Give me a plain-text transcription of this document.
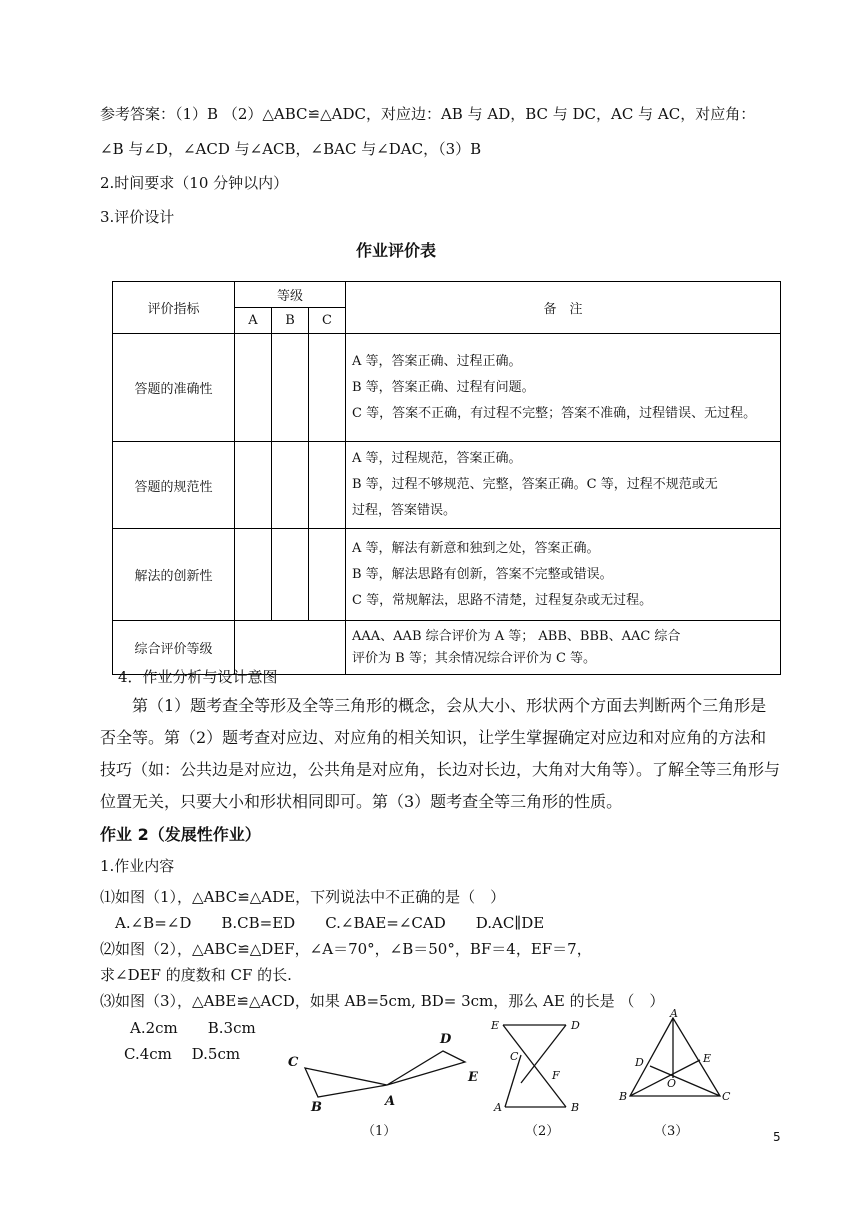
参考答案：（1）B （2）△ABC≌△ADC，对应边：AB 与 AD，BC 与 DC，AC 与 AC，对应角：
∠B 与∠D，∠ACD 与∠ACB，∠BAC 与∠DAC，（3）B
2.时间要求（10 分钟以内）
3.评价设计
作业评价表
评价指标	等级			备　注
	A	B	C	
答题的准确性				A 等，答案正确、过程正确。
B 等，答案正确、过程有问题。
C 等，答案不正确，有过程不完整；答案不准确，过程错误、无过程。

答题的规范性				A 等，过程规范，答案正确。
B 等，过程不够规范、完整，答案正确。C 等，过程不规范或无过程，答案错误。

解法的创新性				A 等，解法有新意和独到之处，答案正确。
B 等，解法思路有创新，答案不完整或错误。
C 等，常规解法，思路不清楚，过程复杂或无过程。

综合评价等级				AAA、AAB 综合评价为 A 等； ABB、BBB、AAC 综合评价为 B 等；其余情况综合评价为 C 等。
4．作业分析与设计意图
第（1）题考查全等形及全等三角形的概念，会从大小、形状两个方面去判断两个三角形是否全等。第（2）题考查对应边、对应角的相关知识，让学生掌握确定对应边和对应角的方法和技巧（如：公共边是对应边，公共角是对应角，长边对长边，大角对大角等）。了解全等三角形与位置无关，只要大小和形状相同即可。第（3）题考查全等三角形的性质。
作业 2（发展性作业）
1.作业内容
⑴如图（1），△ABC≌△ADE，下列说法中不正确的是（　）
A.∠B=∠D　　B.CB=ED　　C.∠BAE=∠CAD　　D.AC∥DE
⑵如图（2），△ABC≌△DEF，∠A＝70°，∠B＝50°，BF＝4，EF＝7，
求∠DEF 的度数和 CF 的长.
⑶如图（3），△ABE≌△ACD，如果 AB=5cm, BD= 3cm，那么 AE 的长是 （　）
A.2cm　　B.3cm
C.4cm　 D.5cm	C
B	A
D
E
E	D
C
F
A	B
A
D	E
O
B	C
（1）	（2）	（3）	5
